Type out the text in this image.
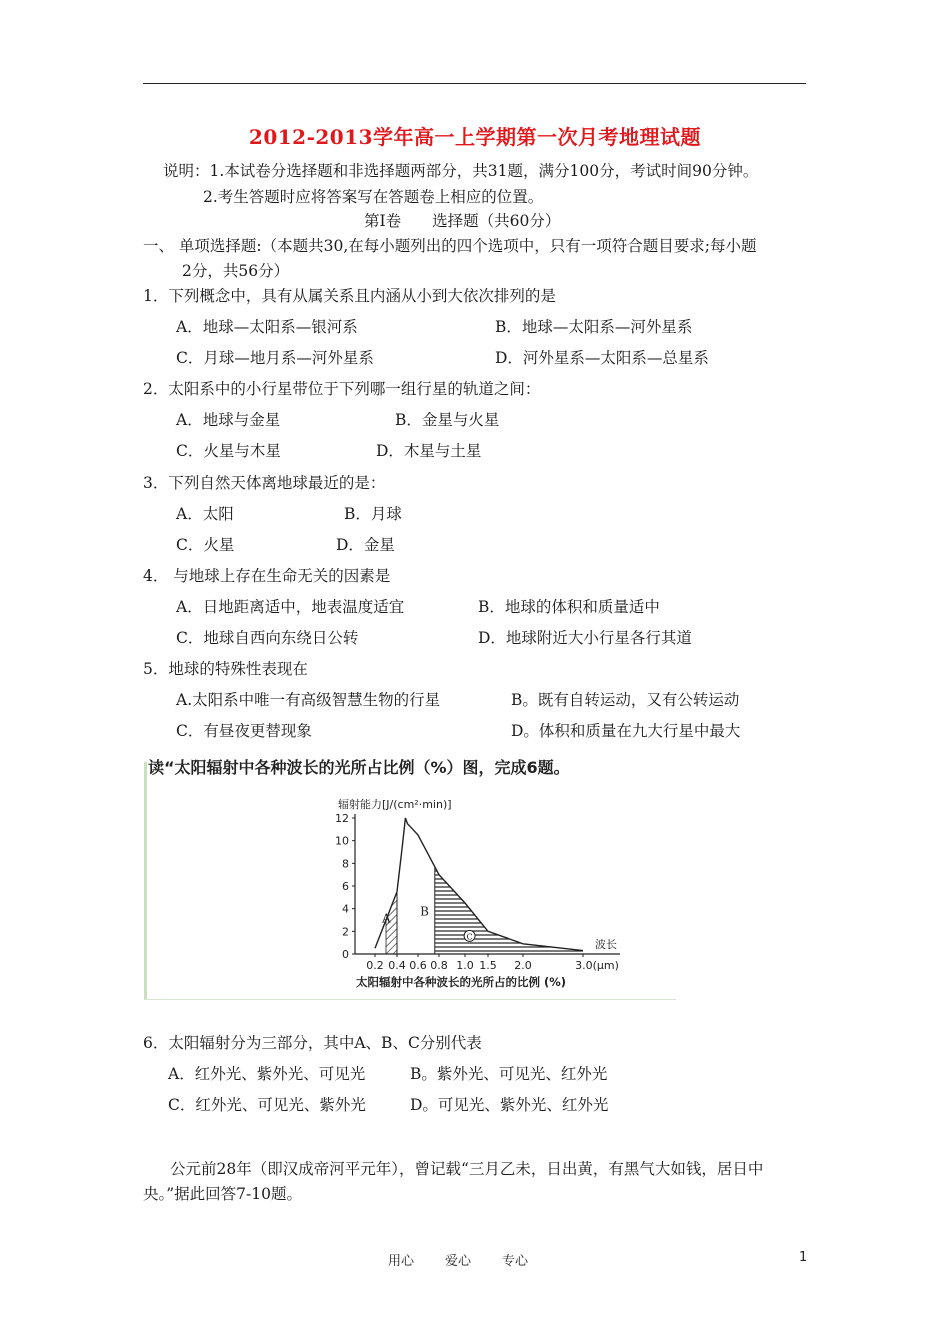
2012-2013学年高一上学期第一次月考地理试题
说明：1.本试卷分选择题和非选择题两部分，共31题，满分100分，考试时间90分钟。
2.考生答题时应将答案写在答题卷上相应的位置。
第Ⅰ卷　　选择题（共60分）
一、 单项选择题:（本题共30,在每小题列出的四个选项中，只有一项符合题目要求;每小题
2分，共56分）
1．下列概念中，具有从属关系且内涵从小到大依次排列的是
A．地球—太阳系—银河系	B．地球—太阳系—河外星系
C．月球—地月系—河外星系	D．河外星系—太阳系—总星系
2．太阳系中的小行星带位于下列哪一组行星的轨道之间：
A．地球与金星	B．金星与火星
C．火星与木星	D．木星与土星
3．下列自然天体离地球最近的是：
A．太阳	B．月球
C．火星	D．金星
4． 与地球上存在生命无关的因素是
A．日地距离适中，地表温度适宜	B．地球的体积和质量适中
C．地球自西向东绕日公转	D．地球附近大小行星各行其道
5．地球的特殊性表现在
A.太阳系中唯一有高级智慧生物的行星	B。既有自转运动，又有公转运动
C．有昼夜更替现象	D。体积和质量在九大行星中最大
读“太阳辐射中各种波长的光所占比例（%）图，完成6题。
12
10
8
6
4
2
0
0.2 0.4 0.6 0.8 1.0 1.5 2.0	3.0(μm)
辐射能力[J/(cm²·min)]
波长
A B
C
太阳辐射中各种波长的光所占的比例 (%)
6．太阳辐射分为三部分，其中A、B、C分别代表
A．红外光、紫外光、可见光	B。紫外光、可见光、红外光
C．红外光、可见光、紫外光	D。可见光、紫外光、红外光
公元前28年（即汉成帝河平元年），曾记载“三月乙未，日出黄，有黑气大如钱，居日中
央。”据此回答7-10题。
用心 爱心 专心	1
